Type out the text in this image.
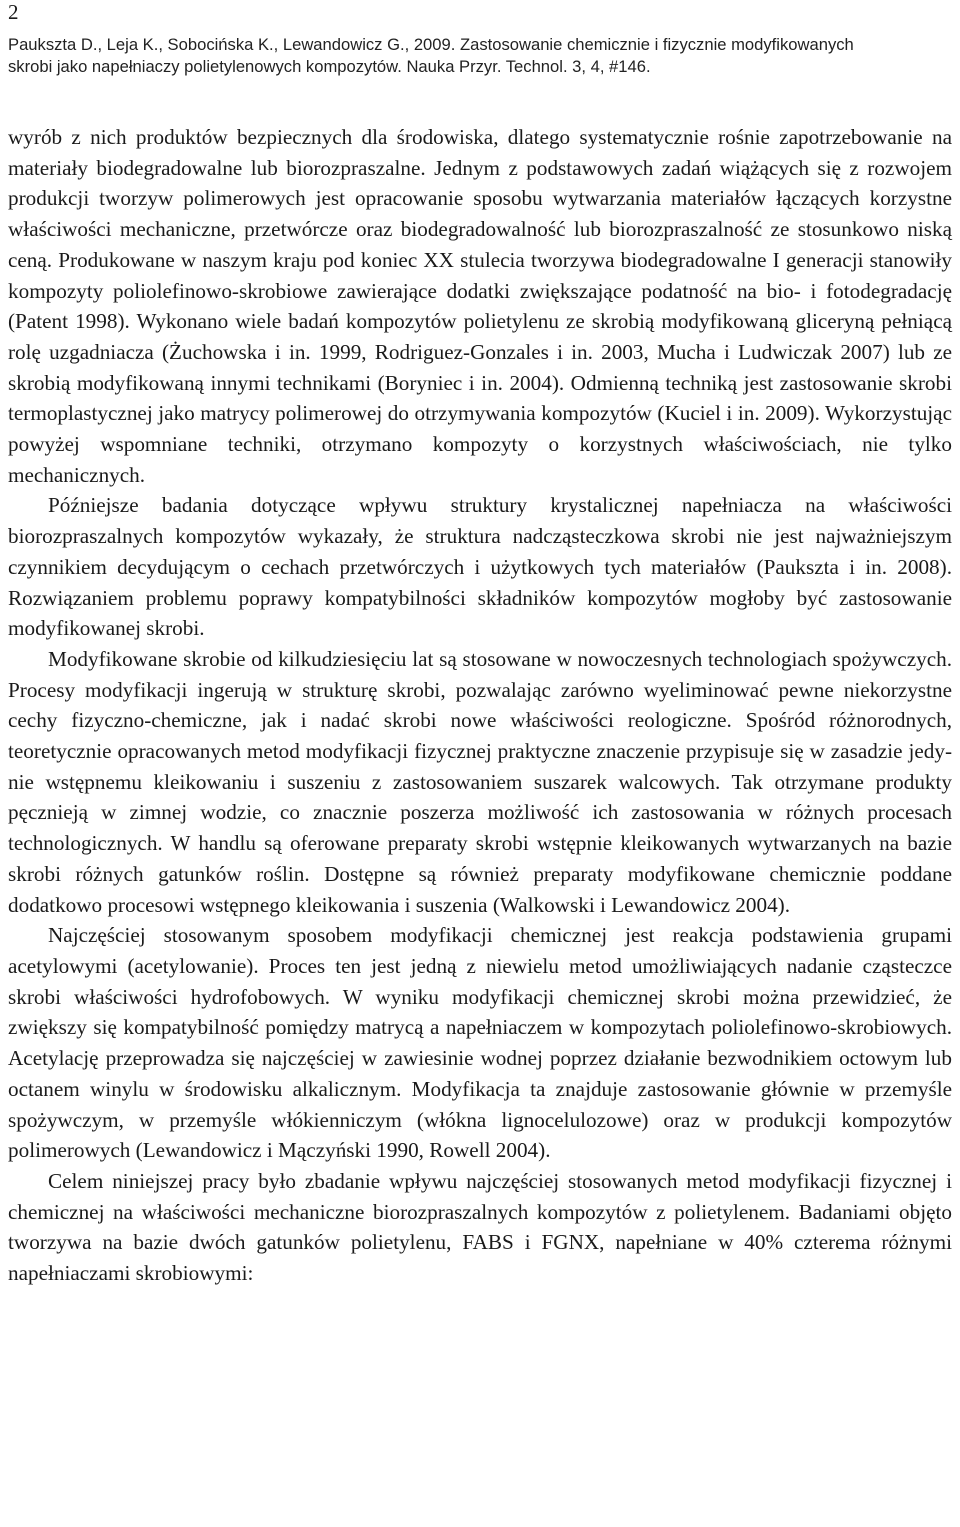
2
Paukszta D., Leja K., Sobocińska K., Lewandowicz G., 2009. Zastosowanie chemicznie i fizycznie modyfikowanych
skrobi jako napełniaczy polietylenowych kompozytów. Nauka Przyr. Technol. 3, 4, #146.

wyrób z nich produktów bezpiecznych dla środowiska, dlatego systematycznie rośnie zapotrzebowanie na materiały biodegradowalne lub biorozpraszalne. Jednym z podstawowych zadań wiążących się z rozwojem produkcji tworzyw polimerowych jest opracowanie sposobu wytwarzania materiałów łączących korzystne właściwości mechaniczne, przetwórcze oraz biodegradowalność lub biorozpraszalność ze stosunkowo niską ceną. Produkowane w naszym kraju pod koniec XX stulecia tworzywa biodegradowalne I generacji stanowiły kompozyty poliolefinowo-skrobiowe zawierające dodatki zwiększające podatność na bio- i fotodegradację (Patent 1998). Wykonano wiele badań kompozytów polietylenu ze skrobią modyfikowaną gliceryną pełniącą rolę uzgadniacza (Żuchowska i in. 1999, Rodriguez-Gonzales i in. 2003, Mucha i Ludwiczak 2007) lub ze skrobią modyfikowaną innymi technikami (Boryniec i in. 2004). Odmienną techniką jest zastosowanie skrobi termoplastycznej jako matrycy polimerowej do otrzymywania kompozytów (Kuciel i in. 2009). Wykorzystując powyżej wspomniane techniki, otrzymano kompozyty o korzystnych właściwościach, nie tylko mechanicznych.

Późniejsze badania dotyczące wpływu struktury krystalicznej napełniacza na właściwości biorozpraszalnych kompozytów wykazały, że struktura nadcząsteczkowa skrobi nie jest najważniejszym czynnikiem decydującym o cechach przetwórczych i użytkowych tych materiałów (Paukszta i in. 2008). Rozwiązaniem problemu poprawy kompatybilności składników kompozytów mogłoby być zastosowanie modyfikowanej skrobi.

Modyfikowane skrobie od kilkudziesięciu lat są stosowane w nowoczesnych technologiach spożywczych. Procesy modyfikacji ingerują w strukturę skrobi, pozwalając zarówno wyeliminować pewne niekorzystne cechy fizyczno-chemiczne, jak i nadać skrobi nowe właściwości reologiczne. Spośród różnorodnych, teoretycznie opracowanych metod modyfikacji fizycznej praktyczne znaczenie przypisuje się w zasadzie jedynie wstępnemu kleikowaniu i suszeniu z zastosowaniem suszarek walcowych. Tak otrzymane produkty pęcznieją w zimnej wodzie, co znacznie poszerza możliwość ich zastosowania w różnych procesach technologicznych. W handlu są oferowane preparaty skrobi wstępnie kleikowanych wytwarzanych na bazie skrobi różnych gatunków roślin. Dostępne są również preparaty modyfikowane chemicznie poddane dodatkowo procesowi wstępnego kleikowania i suszenia (Walkowski i Lewandowicz 2004).

Najczęściej stosowanym sposobem modyfikacji chemicznej jest reakcja podstawienia grupami acetylowymi (acetylowanie). Proces ten jest jedną z niewielu metod umożliwiających nadanie cząsteczce skrobi właściwości hydrofobowych. W wyniku modyfikacji chemicznej skrobi można przewidzieć, że zwiększy się kompatybilność pomiędzy matrycą a napełniaczem w kompozytach poliolefinowo-skrobiowych. Acetylację przeprowadza się najczęściej w zawiesinie wodnej poprzez działanie bezwodnikiem octowym lub octanem winylu w środowisku alkalicznym. Modyfikacja ta znajduje zastosowanie głównie w przemyśle spożywczym, w przemyśle włókienniczym (włókna lignocelulozowe) oraz w produkcji kompozytów polimerowych (Lewandowicz i Mączyński 1990, Rowell 2004).

Celem niniejszej pracy było zbadanie wpływu najczęściej stosowanych metod modyfikacji fizycznej i chemicznej na właściwości mechaniczne biorozpraszalnych kompozytów z polietylenem. Badaniami objęto tworzywa na bazie dwóch gatunków polietylenu, FABS i FGNX, napełniane w 40% czterema różnymi napełniaczami skrobiowymi:
